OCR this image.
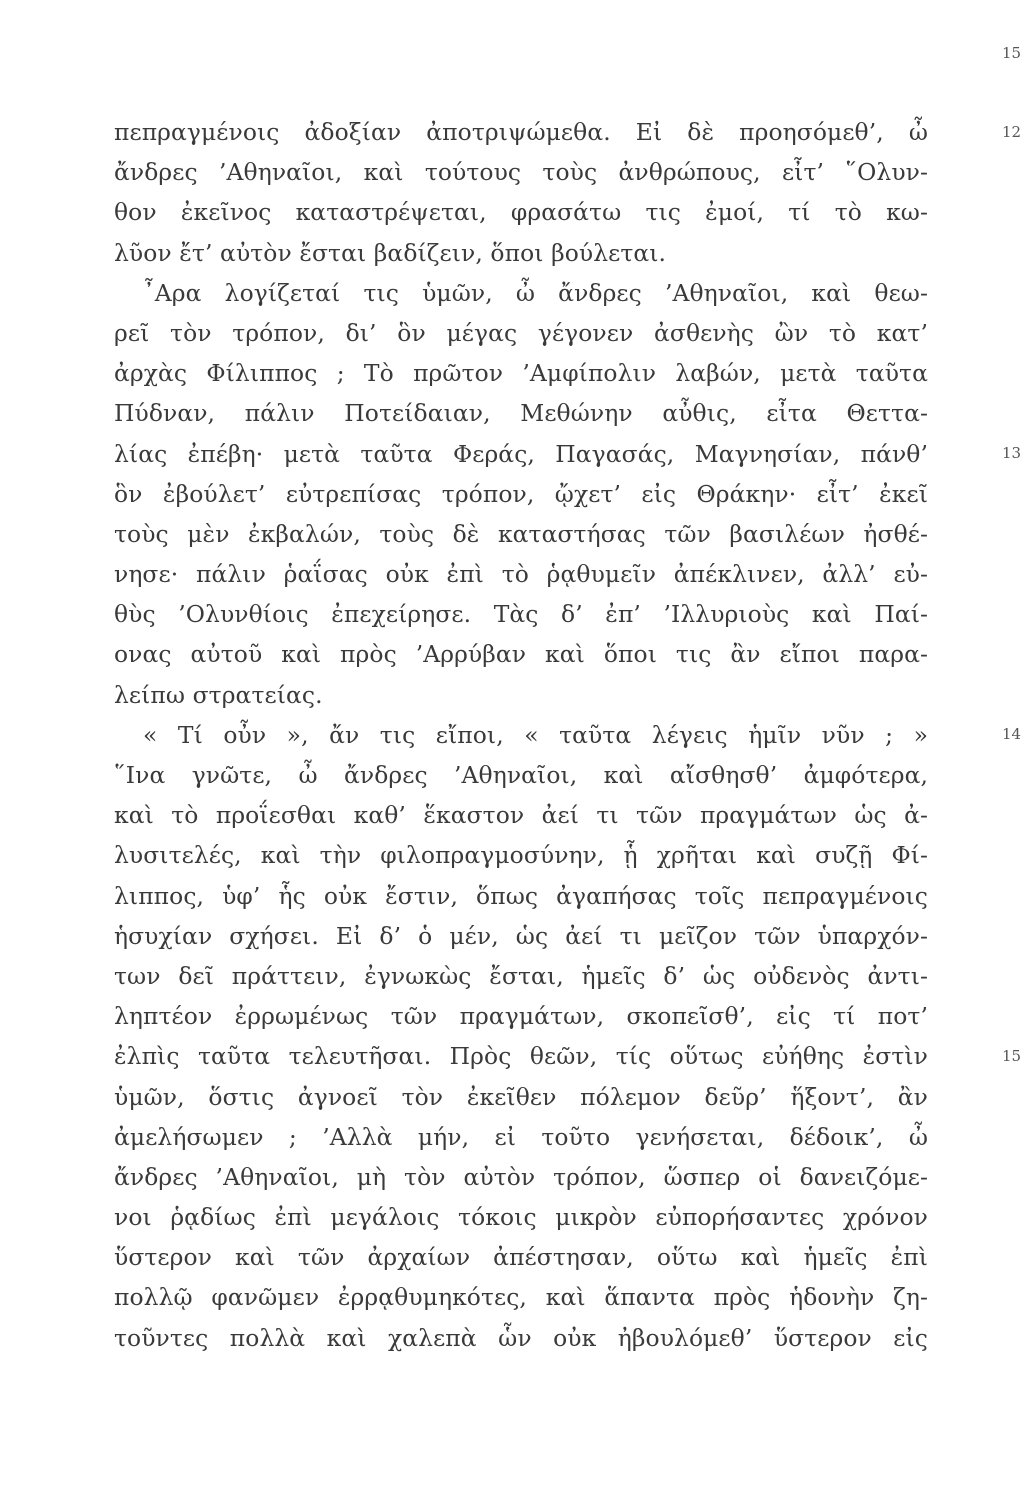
15
πεπραγμένοις ἀδοξίαν ἀποτριψώμεθα. Εἰ δὲ προησόμεθ’, ὦ
ἄνδρες ’Αθηναῖοι, καὶ τούτους τοὺς ἀνθρώπους, εἶτ’ ῞Ολυν-
θον ἐκεῖνος καταστρέψεται, φρασάτω τις ἐμοί, τί τὸ κω-
λῦον ἔτ’ αὐτὸν ἔσται βαδίζειν, ὅποι βούλεται.
῏Αρα λογίζεταί τις ὑμῶν, ὦ ἄνδρες ’Αθηναῖοι, καὶ θεω-
ρεῖ τὸν τρόπον, δι’ ὃν μέγας γέγονεν ἀσθενὴς ὢν τὸ κατ’
ἀρχὰς Φίλιππος ; Τὸ πρῶτον ’Αμφίπολιν λαβών, μετὰ ταῦτα
Πύδναν, πάλιν Ποτείδαιαν, Μεθώνην αὖθις, εἶτα Θεττα-
λίας ἐπέβη· μετὰ ταῦτα Φεράς, Παγασάς, Μαγνησίαν, πάνθ’
ὃν ἐβούλετ’ εὐτρεπίσας τρόπον, ᾤχετ’ εἰς Θράκην· εἶτ’ ἐκεῖ
τοὺς μὲν ἐκβαλών, τοὺς δὲ καταστήσας τῶν βασιλέων ἠσθέ-
νησε· πάλιν ῥαΐσας οὐκ ἐπὶ τὸ ῥᾳθυμεῖν ἀπέκλινεν, ἀλλ’ εὐ-
θὺς ’Ολυνθίοις ἐπεχείρησε. Τὰς δ’ ἐπ’ ’Ιλλυριοὺς καὶ Παί-
ονας αὐτοῦ καὶ πρὸς ’Αρρύβαν καὶ ὅποι τις ἂν εἴποι παρα-
λείπω στρατείας.
« Τί οὖν », ἄν τις εἴποι, « ταῦτα λέγεις ἡμῖν νῦν ; »
῞Ινα γνῶτε, ὦ ἄνδρες ’Αθηναῖοι, καὶ αἴσθησθ’ ἀμφότερα,
καὶ τὸ προΐεσθαι καθ’ ἕκαστον ἀεί τι τῶν πραγμάτων ὡς ἀ-
λυσιτελές, καὶ τὴν φιλοπραγμοσύνην, ᾗ χρῆται καὶ συζῇ Φί-
λιππος, ὑφ’ ἧς οὐκ ἔστιν, ὅπως ἀγαπήσας τοῖς πεπραγμένοις
ἡσυχίαν σχήσει. Εἰ δ’ ὁ μέν, ὡς ἀεί τι μεῖζον τῶν ὑπαρχόν-
των δεῖ πράττειν, ἐγνωκὼς ἔσται, ἡμεῖς δ’ ὡς οὐδενὸς ἀντι-
ληπτέον ἐρρωμένως τῶν πραγμάτων, σκοπεῖσθ’, εἰς τί ποτ’
ἐλπὶς ταῦτα τελευτῆσαι. Πρὸς θεῶν, τίς οὕτως εὐήθης ἐστὶν
ὑμῶν, ὅστις ἀγνοεῖ τὸν ἐκεῖθεν πόλεμον δεῦρ’ ἥξοντ’, ἂν
ἀμελήσωμεν ; ’Αλλὰ μήν, εἰ τοῦτο γενήσεται, δέδοικ’, ὦ
ἄνδρες ’Αθηναῖοι, μὴ τὸν αὐτὸν τρόπον, ὥσπερ οἱ δανειζόμε-
νοι ῥᾳδίως ἐπὶ μεγάλοις τόκοις μικρὸν εὐπορήσαντες χρόνον
ὕστερον καὶ τῶν ἀρχαίων ἀπέστησαν, οὕτω καὶ ἡμεῖς ἐπὶ
πολλῷ φανῶμεν ἐρρᾳθυμηκότες, καὶ ἅπαντα πρὸς ἡδονὴν ζη-
τοῦντες πολλὰ καὶ χαλεπὰ ὧν οὐκ ἠβουλόμεθ’ ὕστερον εἰς
12
13
14
15
